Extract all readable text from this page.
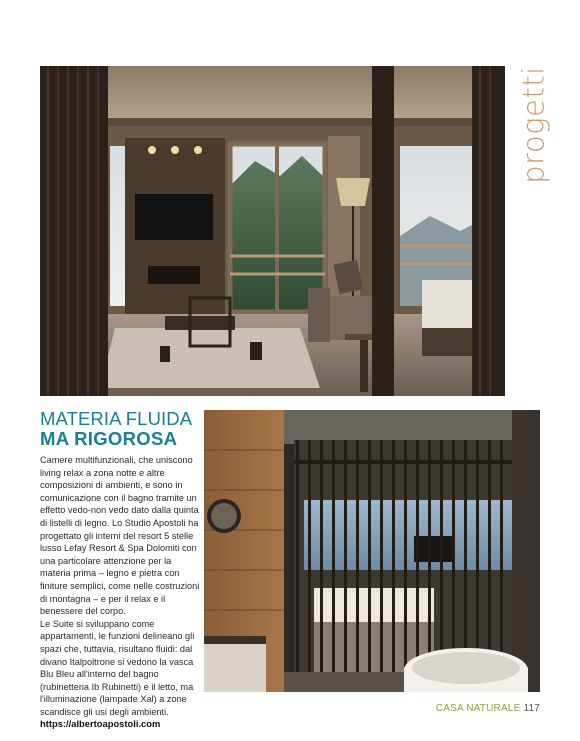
progetti
MATERIA FLUIDA
MA RIGOROSA

Camere multifunzionali, che uniscono living relax a zona notte e altre composizioni di ambienti, e sono in comunicazione con il bagno tramite un effetto vedo-non vedo dato dalla quinta di listelli di legno. Lo Studio Apostoli ha progettato gli interni del resort 5 stelle lusso Lefay Resort & Spa Dolomiti con una particolare attenzione per la materia prima – legno e pietra con finiture semplici, come nelle costruzioni di montagna – e per il relax e il benessere del corpo.

Le Suite si sviluppano come appartamenti, le funzioni delineano gli spazi che, tuttavia, risultano fluidi: dal divano Italpoltrone si vedono la vasca Blu Bleu all'interno del bagno (rubinetteria Ib Rubinetti) e il letto, ma l'illuminazione (lampade Xal) a zone scandisce gli usi degli ambienti.

https://albertoapostoli.com
CASA NATURALE 117
